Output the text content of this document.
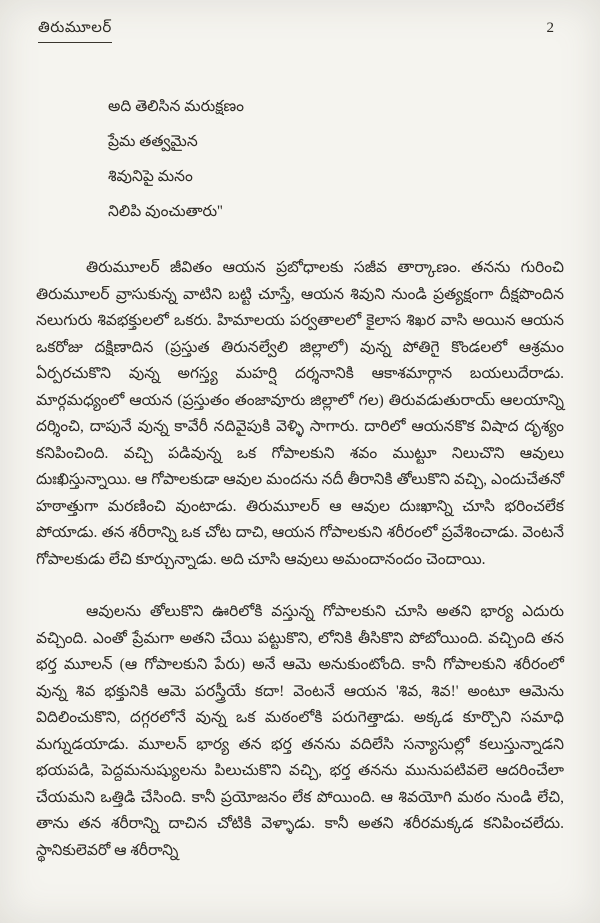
తిరుమూలర్	2
అది తెలిసిన మరుక్షణం
ప్రేమ తత్వమైన
శివునిపై మనం
నిలిపి వుంచుతారు''

తిరుమూలర్ జీవితం ఆయన ప్రబోధాలకు సజీవ తార్కాణం. తనను గురించి తిరుమూలర్ వ్రాసుకున్న వాటిని బట్టి చూస్తే, ఆయన శివుని నుండి ప్రత్యక్షంగా దీక్షపొందిన నలుగురు శివభక్తులలో ఒకరు. హిమాలయ పర్వతాలలో కైలాస శిఖర వాసి అయిన ఆయన ఒకరోజు దక్షిణాదిన (ప్రస్తుత తిరునల్వేలి జిల్లాలో) వున్న పోతిగై కొండలలో ఆశ్రమం ఏర్పరచుకొని వున్న అగస్త్య మహర్షి దర్శనానికి ఆకాశమార్గాన బయలుదేరాడు. మార్గమధ్యంలో ఆయన (ప్రస్తుతం తంజావూరు జిల్లాలో గల) తిరువడుతురాయ్ ఆలయాన్ని దర్శించి, దాపునే వున్న కావేరీ నదివైపుకి వెళ్ళి సాగారు. దారిలో ఆయనకొక విషాద దృశ్యం కనిపించింది. వచ్చి పడివున్న ఒక గోపాలకుని శవం ముట్టూ నిలుచొని ఆవులు దుఃఖిస్తున్నాయి. ఆ గోపాలకుడా ఆవుల మందను నదీ తీరానికి తోలుకొని వచ్చి, ఎందుచేతనో హఠాత్తుగా మరణించి వుంటాడు. తిరుమూలర్ ఆ ఆవుల దుఃఖాన్ని చూసి భరించలేక పోయాడు. తన శరీరాన్ని ఒక చోట దాచి, ఆయన గోపాలకుని శరీరంలో ప్రవేశించాడు. వెంటనే గోపాలకుడు లేచి కూర్చున్నాడు. అది చూసి ఆవులు అమందానందం చెందాయి.

ఆవులను తోలుకొని ఊరిలోకి వస్తున్న గోపాలకుని చూసి అతని భార్య ఎదురు వచ్చింది. ఎంతో ప్రేమగా అతని చేయి పట్టుకొని, లోనికి తీసికొని పోబోయింది. వచ్చింది తన భర్త మూలన్ (ఆ గోపాలకుని పేరు) అనే ఆమె అనుకుంటోంది. కానీ గోపాలకుని శరీరంలో వున్న శివ భక్తునికి ఆమె పరస్త్రీయే కదా! వెంటనే ఆయన 'శివ, శివ!' అంటూ ఆమెను విదిలించుకొని, దగ్గరలోనే వున్న ఒక మఠంలోకి పరుగెత్తాడు. అక్కడ కూర్చొని సమాధి మగ్నుడయాడు. మూలన్ భార్య తన భర్త తనను వదిలేసి సన్యాసుల్లో కలుస్తున్నాడని భయపడి, పెద్దమనుష్యులను పిలుచుకొని వచ్చి, భర్త తనను మునుపటివలె ఆదరించేలా చేయమని ఒత్తిడి చేసింది. కానీ ప్రయోజనం లేక పోయింది. ఆ శివయోగి మఠం నుండి లేచి, తాను తన శరీరాన్ని దాచిన చోటికి వెళ్ళాడు. కానీ అతని శరీరమక్కడ కనిపించలేదు. స్థానికులెవరో ఆ శరీరాన్ని
